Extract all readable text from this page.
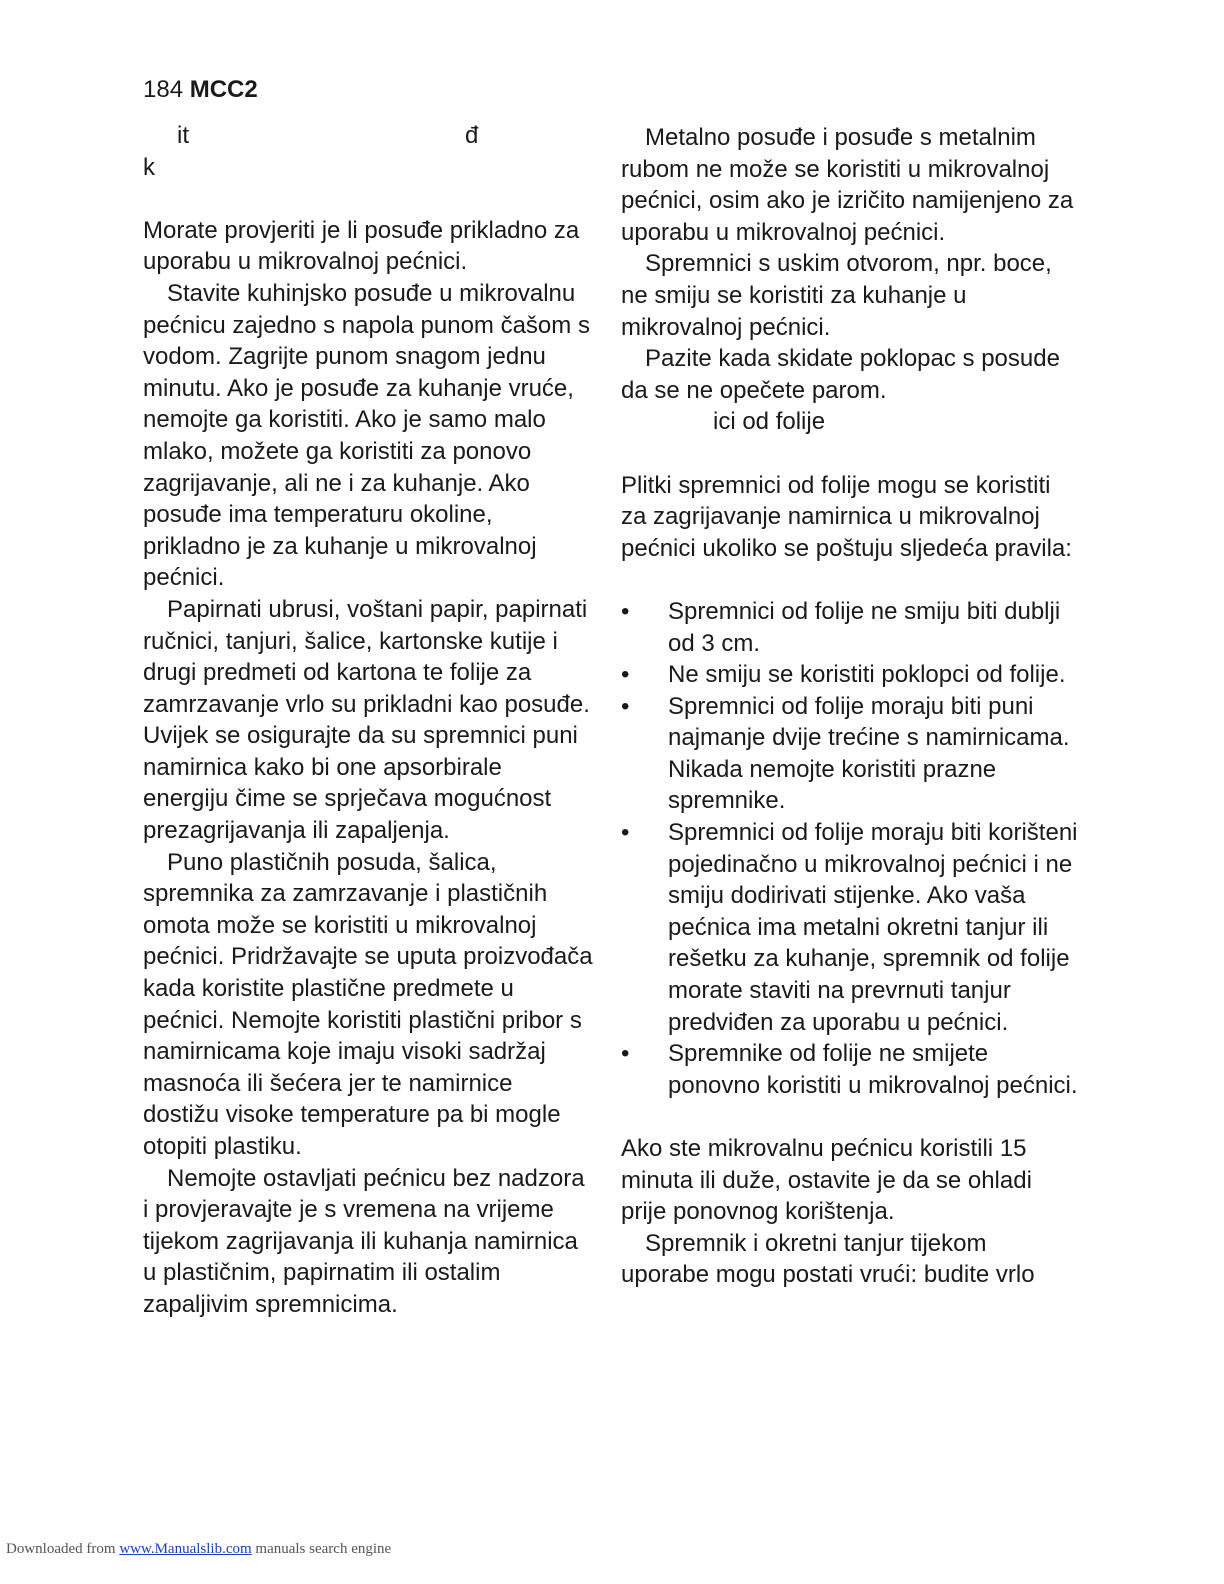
184 MCC2
it	đ
k

Morate provjeriti je li posuđe prikladno za uporabu u mikrovalnoj pećnici.

Stavite kuhinjsko posuđe u mikrovalnu pećnicu zajedno s napola punom čašom s vodom. Zagrijte punom snagom jednu minutu. Ako je posuđe za kuhanje vruće, nemojte ga koristiti. Ako je samo malo mlako, možete ga koristiti za ponovo zagrijavanje, ali ne i za kuhanje. Ako posuđe ima temperaturu okoline, prikladno je za kuhanje u mikrovalnoj pećnici.

Papirnati ubrusi, voštani papir, papirnati ručnici, tanjuri, šalice, kartonske kutije i drugi predmeti od kartona te folije za zamrzavanje vrlo su prikladni kao posuđe. Uvijek se osigurajte da su spremnici puni namirnica kako bi one apsorbirale energiju čime se sprječava mogućnost prezagrijavanja ili zapaljenja.

Puno plastičnih posuda, šalica, spremnika za zamrzavanje i plastičnih omota može se koristiti u mikrovalnoj pećnici. Pridržavajte se uputa proizvođača kada koristite plastične predmete u pećnici. Nemojte koristiti plastični pribor s namirnicama koje imaju visoki sadržaj masnoća ili šećera jer te namirnice dostižu visoke temperature pa bi mogle otopiti plastiku.

Nemojte ostavljati pećnicu bez nadzora i provjeravajte je s vremena na vrijeme tijekom zagrijavanja ili kuhanja namirnica u plastičnim, papirnatim ili ostalim zapaljivim spremnicima.

Metalno posuđe i posuđe s metalnim rubom ne može se koristiti u mikrovalnoj pećnici, osim ako je izričito namijenjeno za uporabu u mikrovalnoj pećnici.

Spremnici s uskim otvorom, npr. boce, ne smiju se koristiti za kuhanje u mikrovalnoj pećnici.

Pazite kada skidate poklopac s posude da se ne opečete parom.

ici od folije

Plitki spremnici od folije mogu se koristiti za zagrijavanje namirnica u mikrovalnoj pećnici ukoliko se poštuju sljedeća pravila:

• Spremnici od folije ne smiju biti dublji od 3 cm.
• Ne smiju se koristiti poklopci od folije.
• Spremnici od folije moraju biti puni najmanje dvije trećine s namirnicama. Nikada nemojte koristiti prazne spremnike.
• Spremnici od folije moraju biti korišteni pojedinačno u mikrovalnoj pećnici i ne smiju dodirivati stijenke. Ako vaša pećnica ima metalni okretni tanjur ili rešetku za kuhanje, spremnik od folije morate staviti na prevrnuti tanjur predviđen za uporabu u pećnici.
• Spremnike od folije ne smijete ponovno koristiti u mikrovalnoj pećnici.

Ako ste mikrovalnu pećnicu koristili 15 minuta ili duže, ostavite je da se ohladi prije ponovnog korištenja.

Spremnik i okretni tanjur tijekom uporabe mogu postati vrući: budite vrlo

Downloaded from www.Manualslib.com manuals search engine
